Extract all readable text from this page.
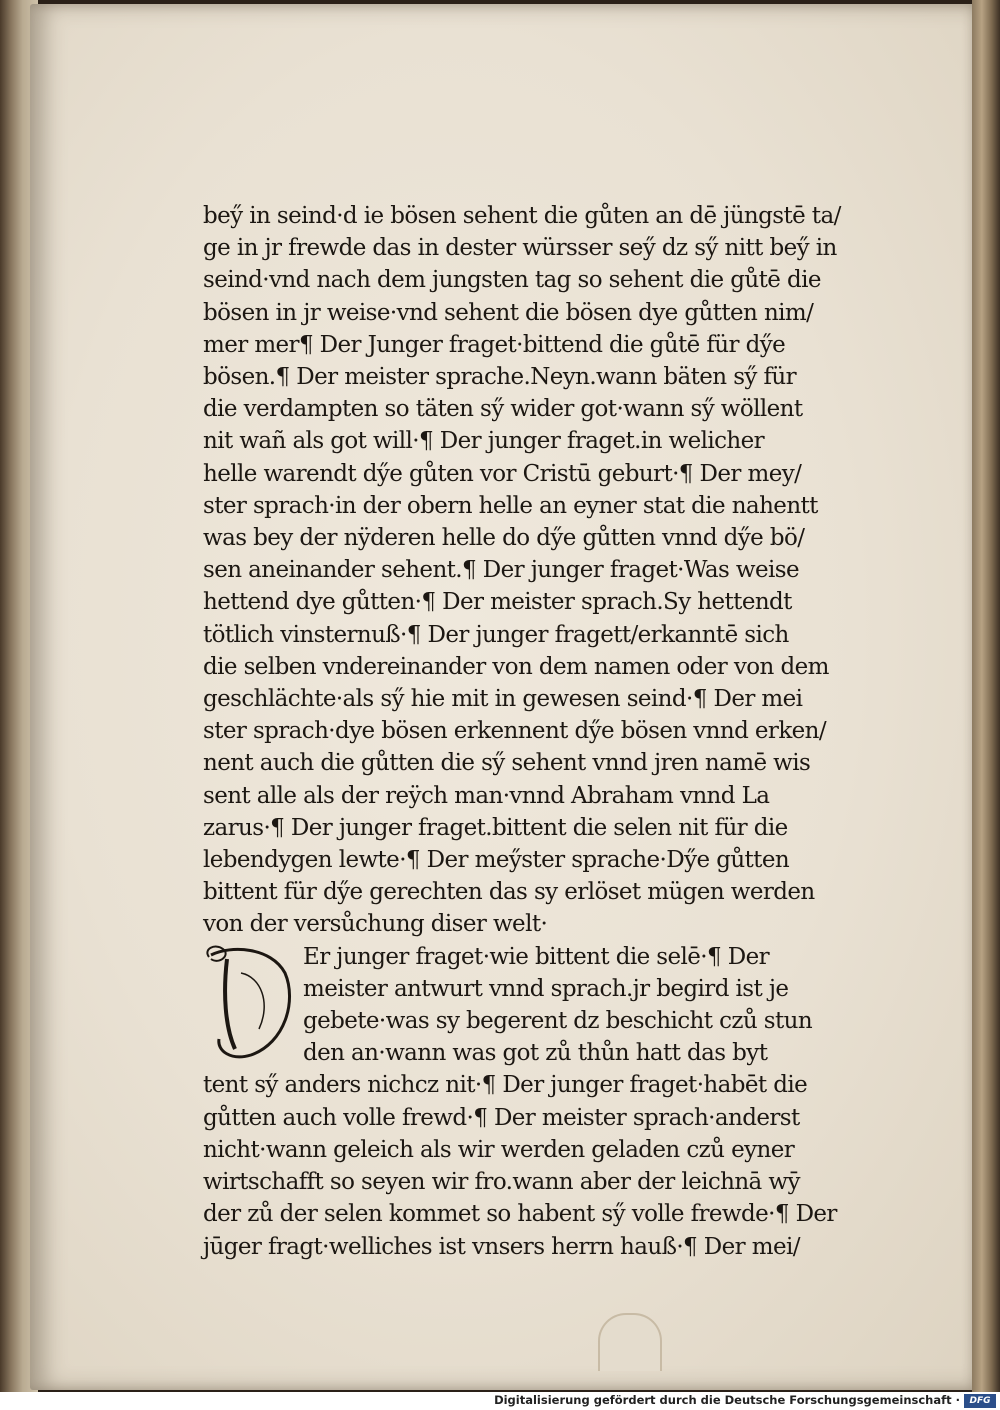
bey̋ in seind·d ie bösen sehent die gůten an dē jüngstē ta/
ge in jr frewde das in dester würsser sey̋ dz sy̋ nitt bey̋ in
seind·vnd nach dem jungsten tag so sehent die gůtē die
bösen in jr weise·vnd sehent die bösen dye gůtten nim/
mer mer¶ Der Junger fraget·bittend die gůtē für dy̋e
bösen.¶ Der meister sprache.Neyn.wann bäten sy̋ für
die verdampten so täten sy̋ wider got·wann sy̋ wöllent
nit wañ als got will·¶ Der junger fraget.in welicher
helle warendt dy̋e gůten vor Cristū geburt·¶ Der mey/
ster sprach·in der obern helle an eyner stat die nahentt
was bey der nÿderen helle do dy̋e gůtten vnnd dy̋e bö/
sen aneinander sehent.¶ Der junger fraget·Was weise
hettend dye gůtten·¶ Der meister sprach.Sy hettendt
tötlich vinsternuß·¶ Der junger fragett/erkanntē sich
die selben vndereinander von dem namen oder von dem
geschlächte·als sy̋ hie mit in gewesen seind·¶ Der mei
ster sprach·dye bösen erkennent dy̋e bösen vnnd erken/
nent auch die gůtten die sy̋ sehent vnnd jren namē wis
sent alle als der reÿch man·vnnd Abraham vnnd La
zarus·¶ Der junger fraget.bittent die selen nit für die
lebendygen lewte·¶ Der mey̋ster sprache·Dy̋e gůtten
bittent für dy̋e gerechten das sy erlöset mügen werden
von der versůchung diser welt·
Er junger fraget·wie bittent die selē·¶ Der
meister antwurt vnnd sprach.jr begird ist je
gebete·was sy begerent dz beschicht czů stun
den an·wann was got zů thůn hatt das byt
tent sy̋ anders nichcz nit·¶ Der junger fraget·habēt die
gůtten auch volle frewd·¶ Der meister sprach·anderst
nicht·wann geleich als wir werden geladen czů eyner
wirtschafft so seyen wir fro.wann aber der leichnā wȳ
der zů der selen kommet so habent sy̋ volle frewde·¶ Der
jūger fragt·welliches ist vnsers herrn hauß·¶ Der mei/
Digitalisierung gefördert durch die Deutsche Forschungsgemeinschaft ·	DFG
